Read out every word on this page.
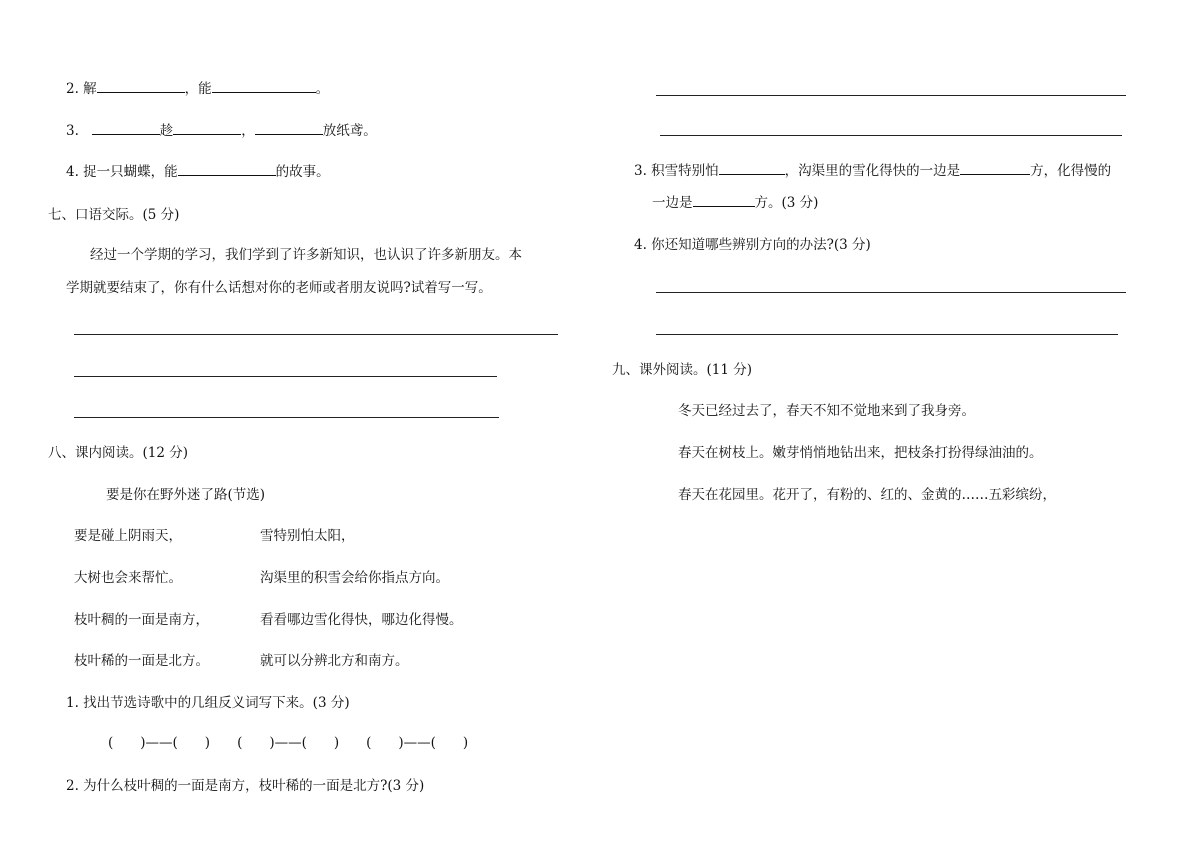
2. 解	，能	。
3.	趁	，	放纸鸢。
4. 捉一只蝴蝶，能	的故事。
七、口语交际。(5 分)
经过一个学期的学习，我们学到了许多新知识，也认识了许多新朋友。本
学期就要结束了，你有什么话想对你的老师或者朋友说吗?试着写一写。
八、课内阅读。(12 分)
要是你在野外迷了路(节选)
要是碰上阴雨天，	雪特别怕太阳，
大树也会来帮忙。	沟渠里的积雪会给你指点方向。
枝叶稠的一面是南方，	看看哪边雪化得快，哪边化得慢。
枝叶稀的一面是北方。	就可以分辨北方和南方。
1. 找出节选诗歌中的几组反义词写下来。(3 分)
(　　)——(　　)　　(　　)——(　　)　　(　　)——(　　)
2. 为什么枝叶稠的一面是南方，枝叶稀的一面是北方?(3 分)
3. 积雪特别怕	，沟渠里的雪化得快的一边是	方，化得慢的
一边是	方。(3 分)
4. 你还知道哪些辨别方向的办法?(3 分)
九、课外阅读。(11 分)
冬天已经过去了，春天不知不觉地来到了我身旁。
春天在树枝上。嫩芽悄悄地钻出来，把枝条打扮得绿油油的。
春天在花园里。花开了，有粉的、红的、金黄的……五彩缤纷，
